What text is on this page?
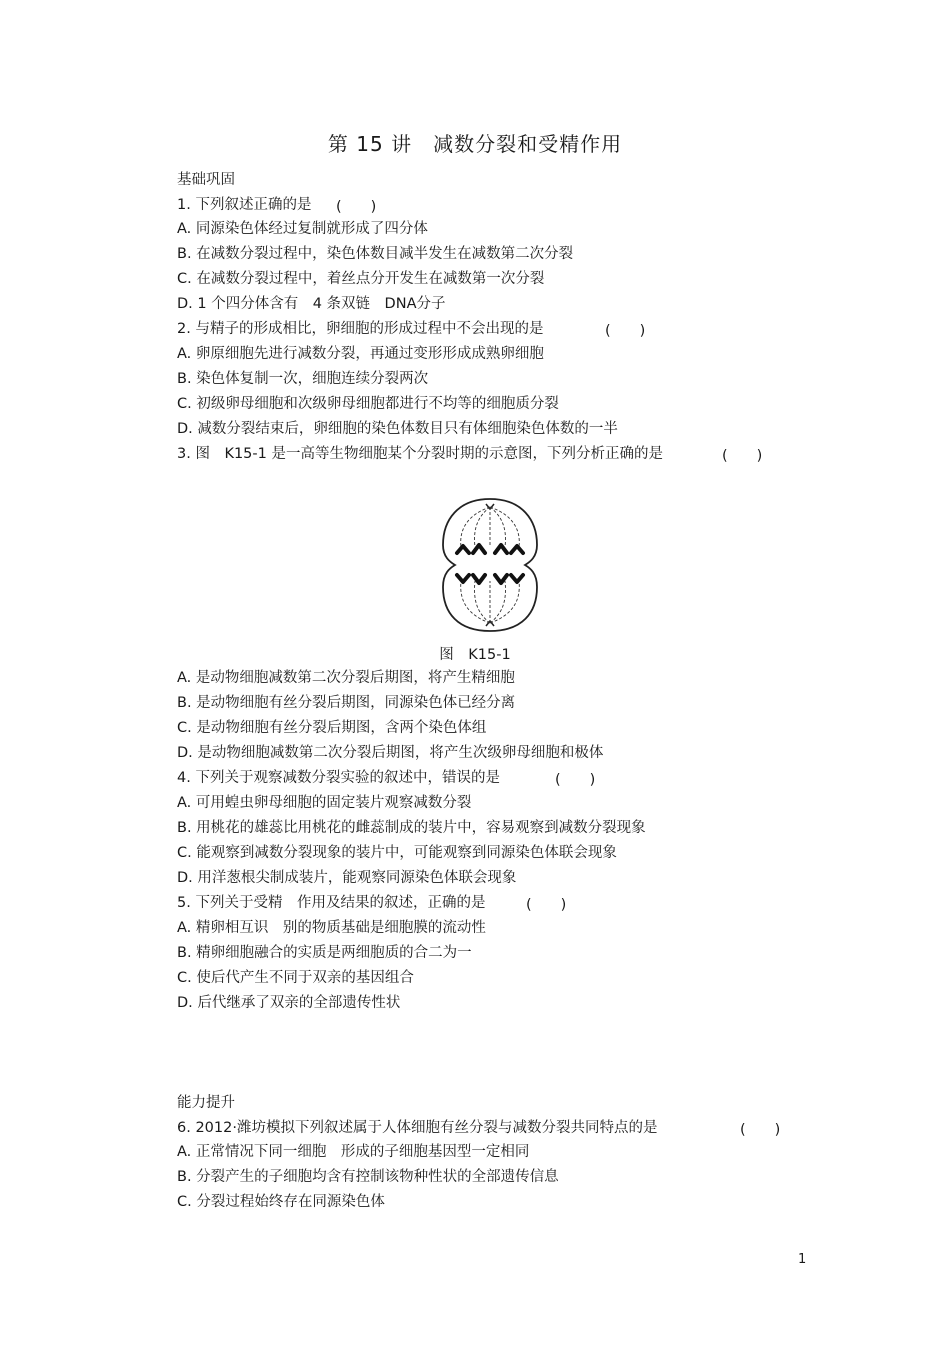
第 15 讲　减数分裂和受精作用
基础巩固
1. 下列叙述正确的是 (　　)
A. 同源染色体经过复制就形成了四分体
B. 在减数分裂过程中，染色体数目减半发生在减数第二次分裂
C. 在减数分裂过程中，着丝点分开发生在减数第一次分裂
D. 1 个四分体含有　4 条双链　DNA分子
2. 与精子的形成相比，卵细胞的形成过程中不会出现的是	(　　)
A. 卵原细胞先进行减数分裂，再通过变形形成成熟卵细胞
B. 染色体复制一次，细胞连续分裂两次
C. 初级卵母细胞和次级卵母细胞都进行不均等的细胞质分裂
D. 减数分裂结束后，卵细胞的染色体数目只有体细胞染色体数的一半
3. 图　K15-1 是一高等生物细胞某个分裂时期的示意图，下列分析正确的是	(　　)
图　K15-1
A. 是动物细胞减数第二次分裂后期图，将产生精细胞
B. 是动物细胞有丝分裂后期图，同源染色体已经分离
C. 是动物细胞有丝分裂后期图，含两个染色体组
D. 是动物细胞减数第二次分裂后期图，将产生次级卵母细胞和极体
4. 下列关于观察减数分裂实验的叙述中，错误的是	(　　)
A. 可用蝗虫卵母细胞的固定装片观察减数分裂
B. 用桃花的雄蕊比用桃花的雌蕊制成的装片中，容易观察到减数分裂现象
C. 能观察到减数分裂现象的装片中，可能观察到同源染色体联会现象
D. 用洋葱根尖制成装片，能观察同源染色体联会现象
5. 下列关于受精　作用及结果的叙述，正确的是	(　　)
A. 精卵相互识　别的物质基础是细胞膜的流动性
B. 精卵细胞融合的实质是两细胞质的合二为一
C. 使后代产生不同于双亲的基因组合
D. 后代继承了双亲的全部遗传性状
能力提升
6. 2012·潍坊模拟下列叙述属于人体细胞有丝分裂与减数分裂共同特点的是	(　　)
A. 正常情况下同一细胞　形成的子细胞基因型一定相同
B. 分裂产生的子细胞均含有控制该物种性状的全部遗传信息
C. 分裂过程始终存在同源染色体
1
